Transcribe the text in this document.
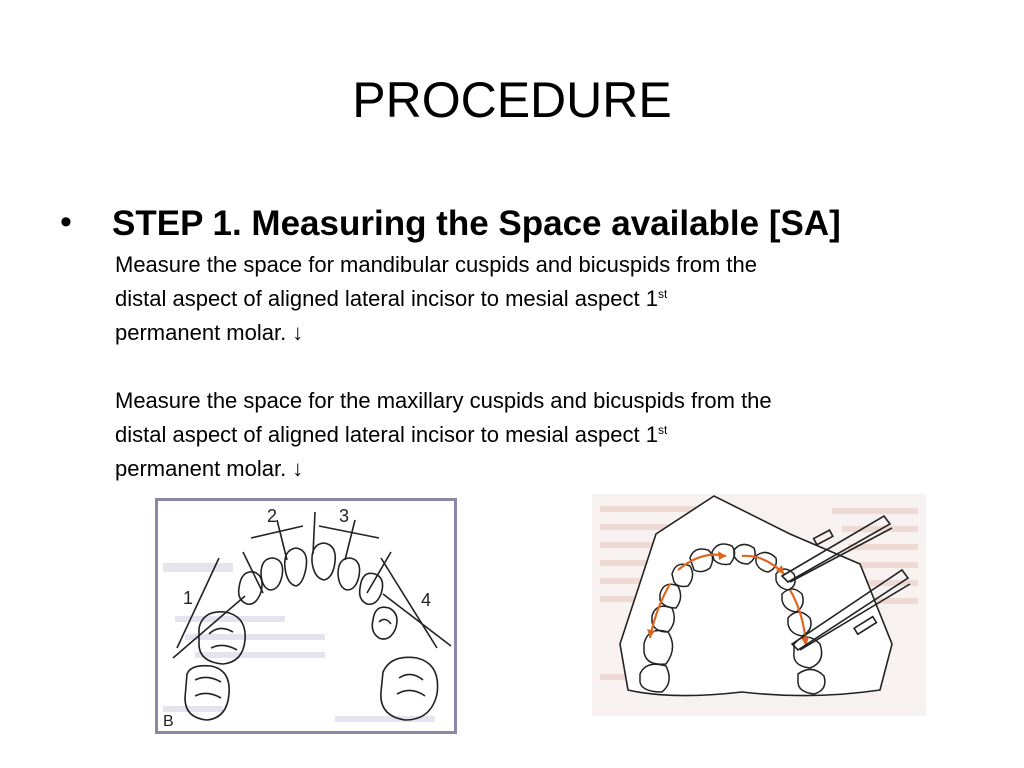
PROCEDURE
• STEP 1. Measuring the Space available [SA]
Measure the space for mandibular cuspids and bicuspids from the
distal aspect of aligned lateral incisor to mesial aspect 1st
permanent molar. ↓
Measure the space for the maxillary cuspids and bicuspids from the
distal aspect of aligned lateral incisor to mesial aspect 1st
permanent molar. ↓
2	3
1	4
B
